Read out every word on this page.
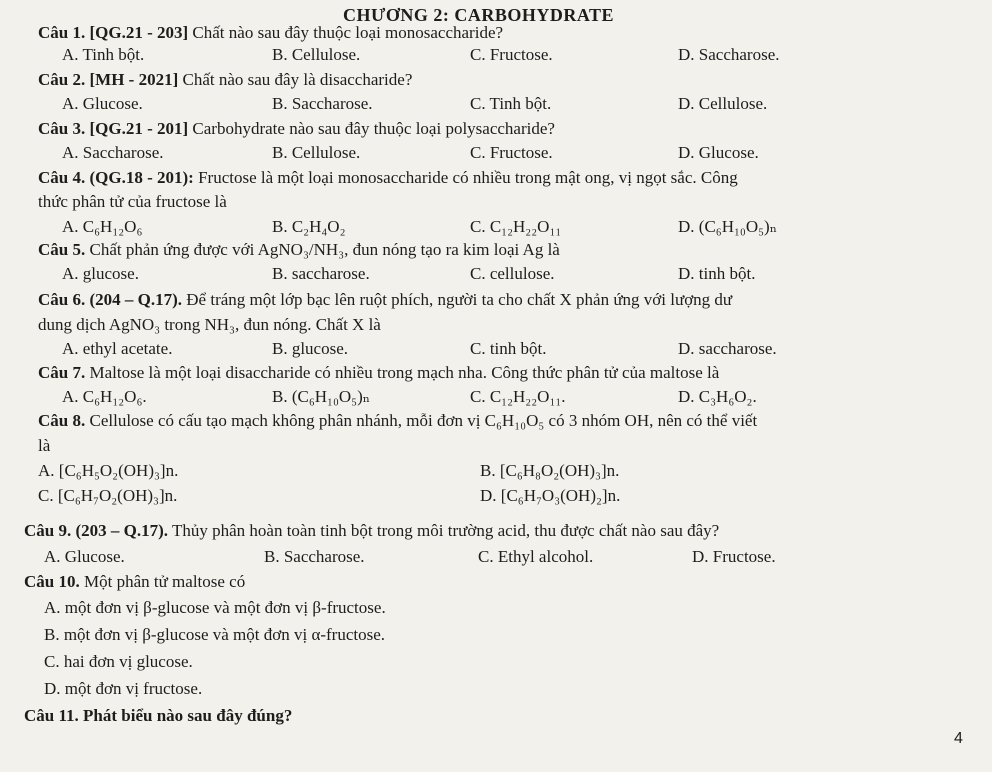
CHƯƠNG 2: CARBOHYDRATE
Câu 1. [QG.21 - 203] Chất nào sau đây thuộc loại monosaccharide?
A. Tinh bột.	B. Cellulose.	C. Fructose.	D. Saccharose.
Câu 2. [MH - 2021] Chất nào sau đây là disaccharide?
A. Glucose.	B. Saccharose.	C. Tinh bột.	D. Cellulose.
Câu 3. [QG.21 - 201] Carbohydrate nào sau đây thuộc loại polysaccharide?
A. Saccharose.	B. Cellulose.	C. Fructose.	D. Glucose.
Câu 4. (QG.18 - 201): Fructose là một loại monosaccharide có nhiều trong mật ong, vị ngọt sắc. Công
thức phân tử của fructose là
A. C₆H₁₂O₆	B. C₂H₄O₂	C. C₁₂H₂₂O₁₁	D. (C₆H₁₀O₅)ₙ
Câu 5. Chất phản ứng được với AgNO₃/NH₃, đun nóng tạo ra kim loại Ag là
A. glucose.	B. saccharose.	C. cellulose.	D. tinh bột.
Câu 6. (204 – Q.17). Để tráng một lớp bạc lên ruột phích, người ta cho chất X phản ứng với lượng dư
dung dịch AgNO₃ trong NH₃, đun nóng. Chất X là
A. ethyl acetate.	B. glucose.	C. tinh bột.	D. saccharose.
Câu 7. Maltose là một loại disaccharide có nhiều trong mạch nha. Công thức phân tử của maltose là
A. C₆H₁₂O₆.	B. (C₆H₁₀O₅)ₙ	C. C₁₂H₂₂O₁₁.	D. C₃H₆O₂.
Câu 8. Cellulose có cấu tạo mạch không phân nhánh, mỗi đơn vị C₆H₁₀O₅ có 3 nhóm OH, nên có thể viết
là
A. [C₆H₅O₂(OH)₃]n.	B. [C₆H₈O₂(OH)₃]n.
C. [C₆H₇O₂(OH)₃]n.	D. [C₆H₇O₃(OH)₂]n.
Câu 9. (203 – Q.17). Thủy phân hoàn toàn tinh bột trong môi trường acid, thu được chất nào sau đây?
A. Glucose.	B. Saccharose.	C. Ethyl alcohol.	D. Fructose.
Câu 10. Một phân tử maltose có
A. một đơn vị β-glucose và một đơn vị β-fructose.
B. một đơn vị β-glucose và một đơn vị α-fructose.
C. hai đơn vị glucose.
D. một đơn vị fructose.
Câu 11. Phát biểu nào sau đây đúng?
4
